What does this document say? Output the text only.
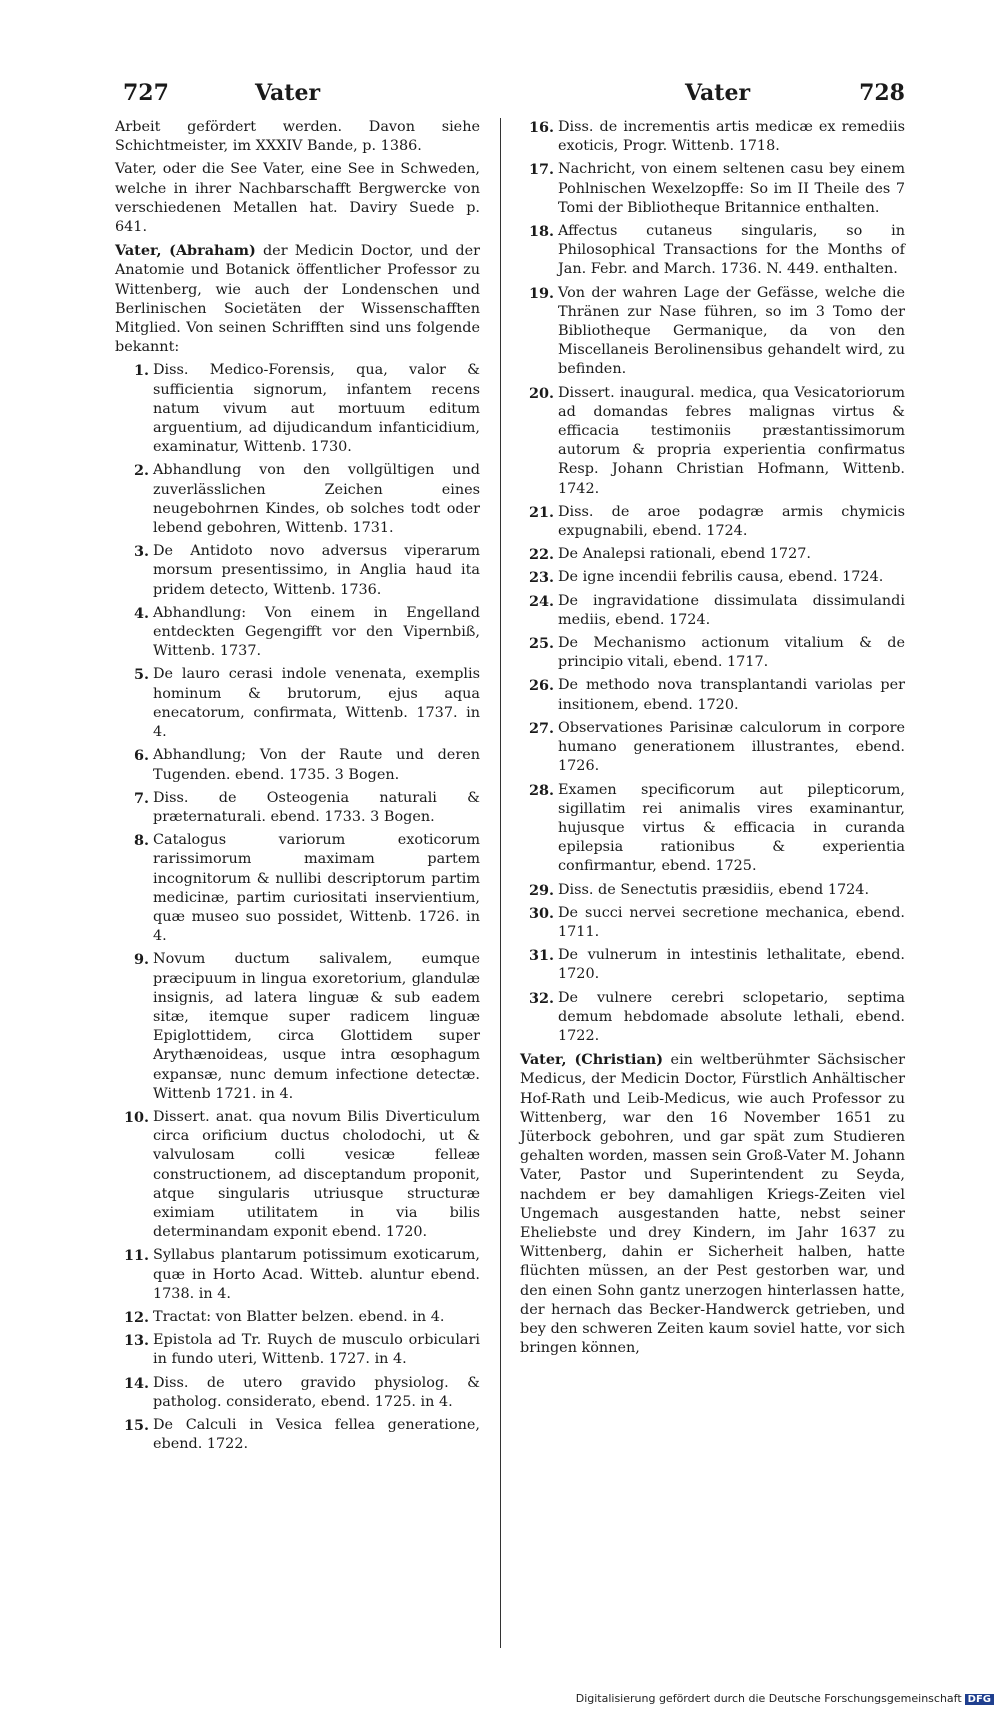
727	Vater	Vater	728

Arbeit gefördert werden. Davon siehe Schichtmeister, im XXXIV Bande, p. 1386.

Vater, oder die See Vater, eine See in Schweden, welche in ihrer Nachbarschafft Bergwercke von verschiedenen Metallen hat. Daviry Suede p. 641.

Vater, (Abraham) der Medicin Doctor, und der Anatomie und Botanick öffentlicher Professor zu Wittenberg, wie auch der Londenschen und Berlinischen Societäten der Wissenschafften Mitglied. Von seinen Schrifften sind uns folgende bekannt:

1. Diss. Medico-Forensis, qua, valor & sufficientia signorum, infantem recens natum vivum aut mortuum editum arguentium, ad dijudicandum infanticidium, examinatur, Wittenb. 1730.
2. Abhandlung von den vollgültigen und zuverlässlichen Zeichen eines neugebohrnen Kindes, ob solches todt oder lebend gebohren, Wittenb. 1731.
3. De Antidoto novo adversus viperarum morsum presentissimo, in Anglia haud ita pridem detecto, Wittenb. 1736.
4. Abhandlung: Von einem in Engelland entdeckten Gegengifft vor den Vipernbiß, Wittenb. 1737.
5. De lauro cerasi indole venenata, exemplis hominum & brutorum, ejus aqua enecatorum, confirmata, Wittenb. 1737. in 4.
6. Abhandlung; Von der Raute und deren Tugenden. ebend. 1735. 3 Bogen.
7. Diss. de Osteogenia naturali & præternaturali. ebend. 1733. 3 Bogen.
8. Catalogus variorum exoticorum rarissimorum maximam partem incognitorum & nullibi descriptorum partim medicinæ, partim curiositati inservientium, quæ museo suo possidet, Wittenb. 1726. in 4.
9. Novum ductum salivalem, eumque præcipuum in lingua exoretorium, glandulæ insignis, ad latera linguæ & sub eadem sitæ, itemque super radicem linguæ Epiglottidem, circa Glottidem super Arythænoideas, usque intra œsophagum expansæ, nunc demum infectione detectæ. Wittenb 1721. in 4.
10. Dissert. anat. qua novum Bilis Diverticulum circa orificium ductus cholodochi, ut & valvulosam colli vesicæ felleæ constructionem, ad disceptandum proponit, atque singularis utriusque structuræ eximiam utilitatem in via bilis determinandam exponit ebend. 1720.
11. Syllabus plantarum potissimum exoticarum, quæ in Horto Acad. Witteb. aluntur ebend. 1738. in 4.
12. Tractat: von Blatter belzen. ebend. in 4.
13. Epistola ad Tr. Ruych de musculo orbiculari in fundo uteri, Wittenb. 1727. in 4.
14. Diss. de utero gravido physiolog. & patholog. considerato, ebend. 1725. in 4.
15. De Calculi in Vesica fellea generatione, ebend. 1722.
16. Diss. de incrementis artis medicæ ex remediis exoticis, Progr. Wittenb. 1718.
17. Nachricht, von einem seltenen casu bey einem Pohlnischen Wexelzopffe: So im II Theile des 7 Tomi der Bibliotheque Britannice enthalten.
18. Affectus cutaneus singularis, so in Philosophical Transactions for the Months of Jan. Febr. and March. 1736. N. 449. enthalten.
19. Von der wahren Lage der Gefässe, welche die Thränen zur Nase führen, so im 3 Tomo der Bibliotheque Germanique, da von den Miscellaneis Berolinensibus gehandelt wird, zu befinden.
20. Dissert. inaugural. medica, qua Vesicatoriorum ad domandas febres malignas virtus & efficacia testimoniis præstantissimorum autorum & propria experientia confirmatus Resp. Johann Christian Hofmann, Wittenb. 1742.
21. Diss. de aroe podagræ armis chymicis expugnabili, ebend. 1724.
22. De Analepsi rationali, ebend 1727.
23. De igne incendii febrilis causa, ebend. 1724.
24. De ingravidatione dissimulata dissimulandi mediis, ebend. 1724.
25. De Mechanismo actionum vitalium & de principio vitali, ebend. 1717.
26. De methodo nova transplantandi variolas per insitionem, ebend. 1720.
27. Observationes Parisinæ calculorum in corpore humano generationem illustrantes, ebend. 1726.
28. Examen specificorum aut pilepticorum, sigillatim rei animalis vires examinantur, hujusque virtus & efficacia in curanda epilepsia rationibus & experientia confirmantur, ebend. 1725.
29. Diss. de Senectutis præsidiis, ebend 1724.
30. De succi nervei secretione mechanica, ebend. 1711.
31. De vulnerum in intestinis lethalitate, ebend. 1720.
32. De vulnere cerebri sclopetario, septima demum hebdomade absolute lethali, ebend. 1722.

Vater, (Christian) ein weltberühmter Sächsischer Medicus, der Medicin Doctor, Fürstlich Anhältischer Hof-Rath und Leib-Medicus, wie auch Professor zu Wittenberg, war den 16 November 1651 zu Jüterbock gebohren, und gar spät zum Studieren gehalten worden, massen sein Groß-Vater M. Johann Vater, Pastor und Superintendent zu Seyda, nachdem er bey damahligen Kriegs-Zeiten viel Ungemach ausgestanden hatte, nebst seiner Eheliebste und drey Kindern, im Jahr 1637 zu Wittenberg, dahin er Sicherheit halben, hatte flüchten müssen, an der Pest gestorben war, und den einen Sohn gantz unerzogen hinterlassen hatte, der hernach das Becker-Handwerck getrieben, und bey den schweren Zeiten kaum soviel hatte, vor sich bringen können,

Digitalisierung gefördert durch die Deutsche Forschungsgemeinschaft DFG
